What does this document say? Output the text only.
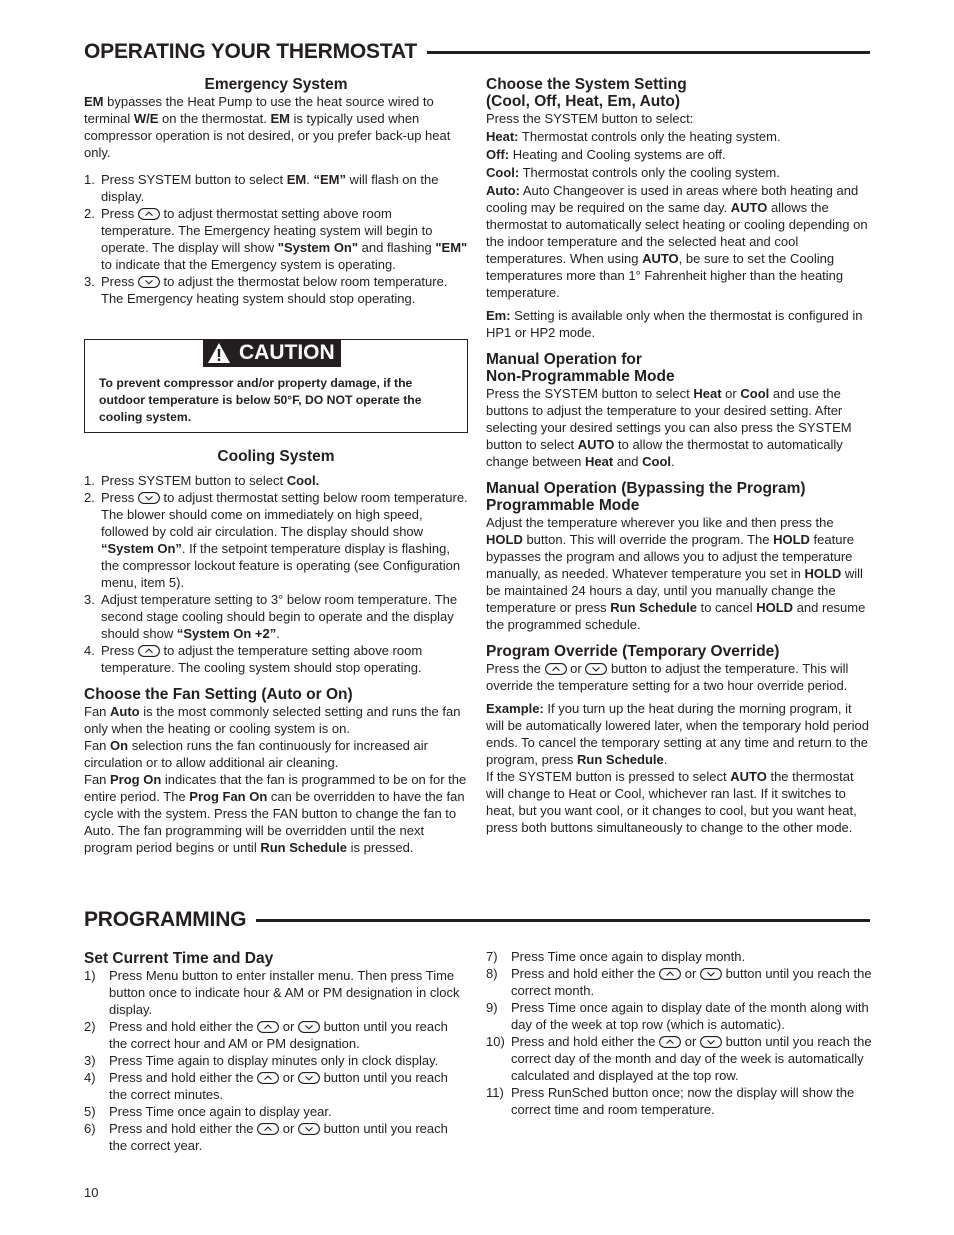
OPERATING YOUR THERMOSTAT
Emergency System
EM bypasses the Heat Pump to use the heat source wired to terminal W/E on the thermostat. EM is typically used when compressor operation is not desired, or you prefer back-up heat only.
1. Press SYSTEM button to select EM. “EM” will flash on the display.
2. Press  to adjust thermostat setting above room temperature. The Emergency heating system will begin to operate. The display will show "System On" and flashing "EM" to indicate that the Emergency system is operating.
3. Press  to adjust the thermostat below room temperature. The Emergency heating system should stop operating.
CAUTION
To prevent compressor and/or property damage, if the outdoor temperature is below 50°F, DO NOT operate the cooling system.
Cooling System
1. Press SYSTEM button to select Cool.
2. Press  to adjust thermostat setting below room temperature. The blower should come on immediately on high speed, followed by cold air circulation. The display should show “System On”. If the setpoint temperature display is flashing, the compressor lockout feature is operating (see Configuration menu, item 5).
3. Adjust temperature setting to 3° below room temperature. The second stage cooling should begin to operate and the display should show “System On +2”.
4. Press  to adjust the temperature setting above room temperature. The cooling system should stop operating.
Choose the Fan Setting (Auto or On)

Fan Auto is the most commonly selected setting and runs the fan only when the heating or cooling system is on.

Fan On selection runs the fan continuously for increased air circulation or to allow additional air cleaning.

Fan Prog On indicates that the fan is programmed to be on for the entire period. The Prog Fan On can be overridden to have the fan cycle with the system. Press the FAN button to change the fan to Auto. The fan programming will be overridden until the next program period begins or until Run Schedule is pressed.

Choose the System Setting
(Cool, Off, Heat, Em, Auto)

Press the SYSTEM button to select:

Heat: Thermostat controls only the heating system.

Off: Heating and Cooling systems are off.

Cool: Thermostat controls only the cooling system.

Auto: Auto Changeover is used in areas where both heating and cooling may be required on the same day. AUTO allows the thermostat to automatically select heating or cooling depending on the indoor temperature and the selected heat and cool temperatures. When using AUTO, be sure to set the Cooling temperatures more than 1° Fahrenheit higher than the heating temperature.

Em: Setting is available only when the thermostat is configured in HP1 or HP2 mode.

Manual Operation for
Non-Programmable Mode
Press the SYSTEM button to select Heat or Cool and use the buttons to adjust the temperature to your desired setting. After selecting your desired settings you can also press the SYSTEM button to select AUTO to allow the thermostat to automatically change between Heat and Cool.
Manual Operation (Bypassing the Program)
Programmable Mode
Adjust the temperature wherever you like and then press the HOLD button. This will override the program. The HOLD feature bypasses the program and allows you to adjust the temperature manually, as needed. Whatever temperature you set in HOLD will be maintained 24 hours a day, until you manually change the temperature or press Run Schedule to cancel HOLD and resume the programmed schedule.
Program Override (Temporary Override)

Press the  or  button to adjust the temperature. This will override the temperature setting for a two hour override period.

Example: If you turn up the heat during the morning program, it will be automatically lowered later, when the temporary hold period ends. To cancel the temporary setting at any time and return to the program, press Run Schedule.

If the SYSTEM button is pressed to select AUTO the thermostat will change to Heat or Cool, whichever ran last. If it switches to heat, but you want cool, or it changes to cool, but you want heat, press both buttons simultaneously to change to the other mode.

PROGRAMMING
Set Current Time and Day
1) Press Menu button to enter installer menu. Then press Time button once to indicate hour & AM or PM designation in clock display.
2) Press and hold either the  or  button until you reach the correct hour and AM or PM designation.
3) Press Time again to display minutes only in clock display.
4) Press and hold either the  or  button until you reach the correct minutes.
5) Press Time once again to display year.
6) Press and hold either the  or  button until you reach the correct year.
7) Press Time once again to display month.
8) Press and hold either the  or  button until you reach the correct month.
9) Press Time once again to display date of the month along with day of the week at top row (which is automatic).
10) Press and hold either the  or  button until you reach the correct day of the month and day of the week is automatically calculated and displayed at the top row.
11) Press RunSched button once; now the display will show the correct time and room temperature.
10
